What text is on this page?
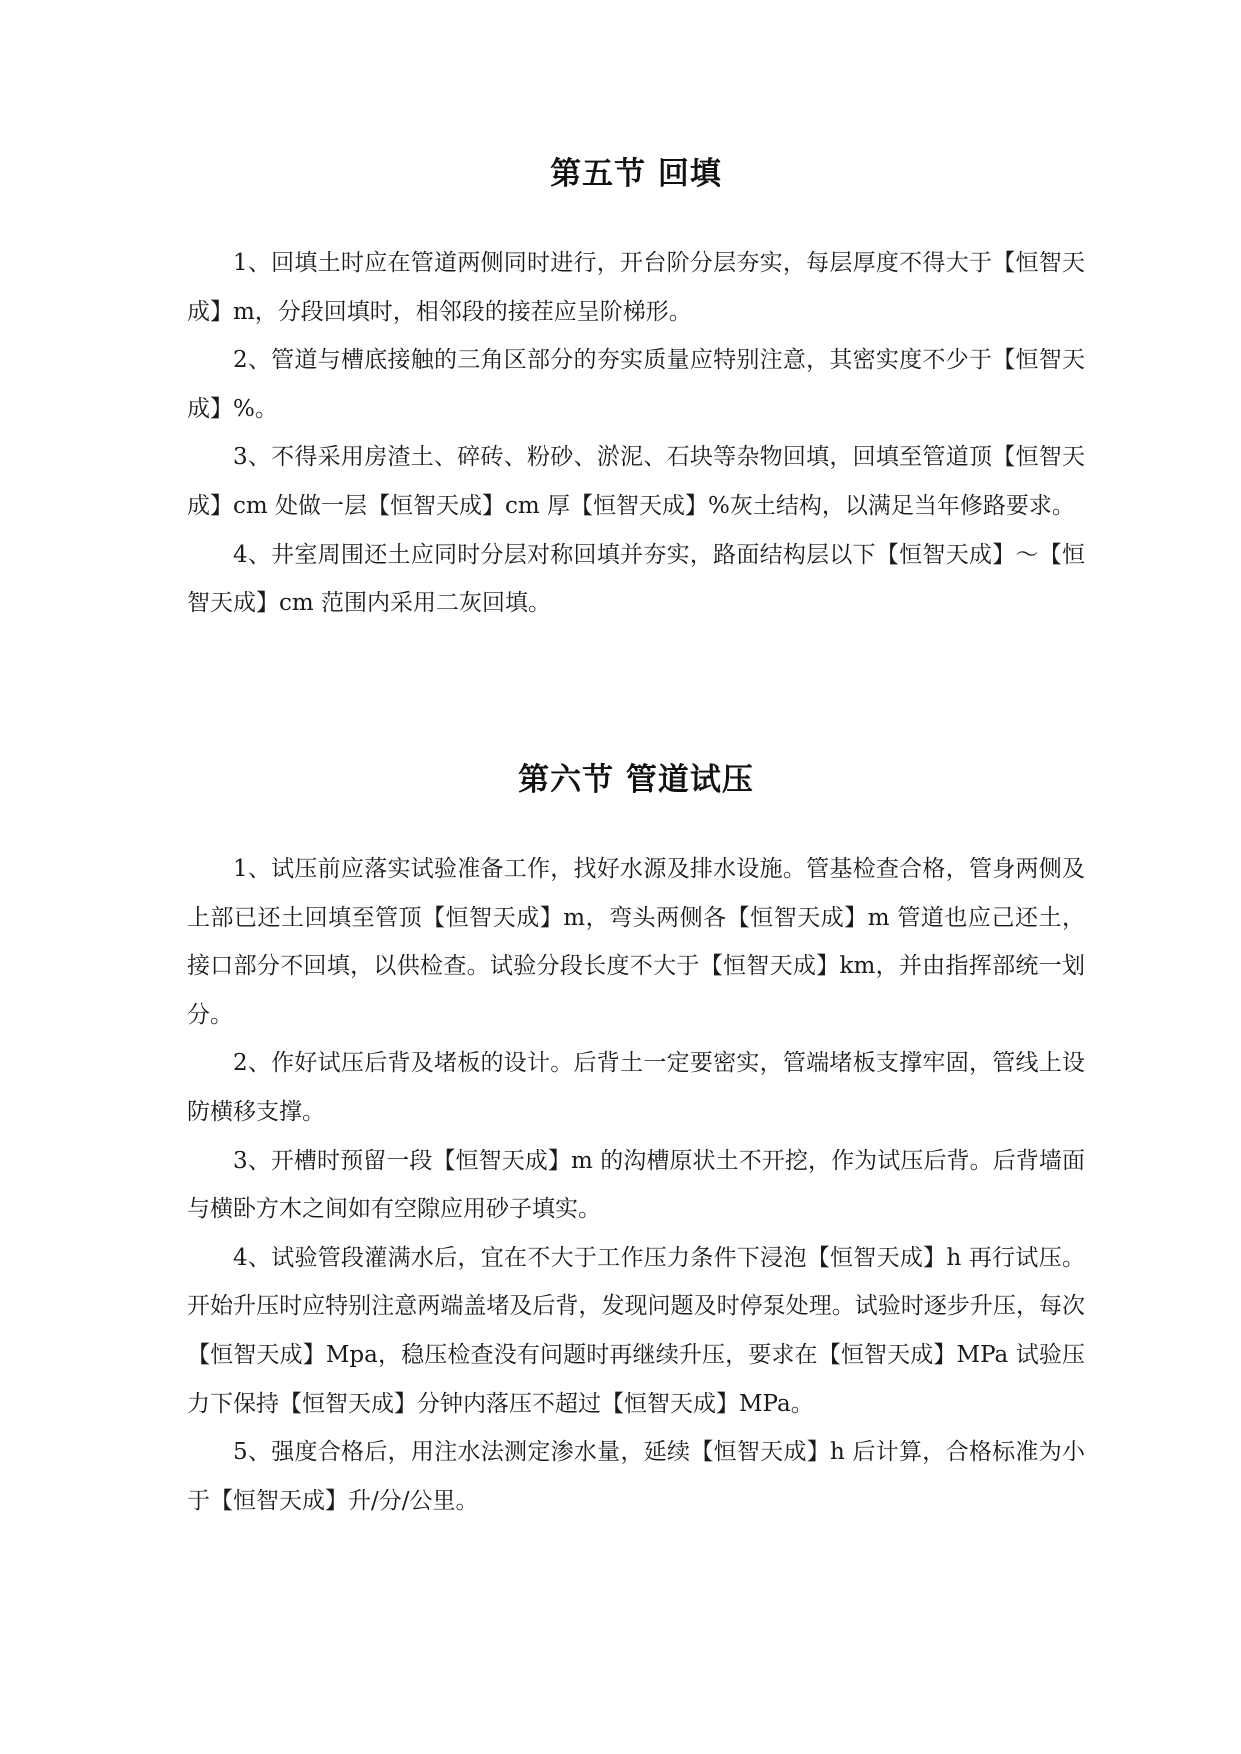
第五节 回填

1、回填土时应在管道两侧同时进行，开台阶分层夯实，每层厚度不得大于【恒智天成】m，分段回填时，相邻段的接茬应呈阶梯形。

2、管道与槽底接触的三角区部分的夯实质量应特别注意，其密实度不少于【恒智天成】%。

3、不得采用房渣土、碎砖、粉砂、淤泥、石块等杂物回填，回填至管道顶【恒智天成】cm 处做一层【恒智天成】cm 厚【恒智天成】%灰土结构，以满足当年修路要求。

4、井室周围还土应同时分层对称回填并夯实，路面结构层以下【恒智天成】～【恒智天成】cm 范围内采用二灰回填。

第六节 管道试压

1、试压前应落实试验准备工作，找好水源及排水设施。管基检查合格，管身两侧及上部已还土回填至管顶【恒智天成】m，弯头两侧各【恒智天成】m 管道也应己还土，接口部分不回填，以供检查。试验分段长度不大于【恒智天成】km，并由指挥部统一划分。

2、作好试压后背及堵板的设计。后背土一定要密实，管端堵板支撑牢固，管线上设防横移支撑。

3、开槽时预留一段【恒智天成】m 的沟槽原状土不开挖，作为试压后背。后背墙面与横卧方木之间如有空隙应用砂子填实。

4、试验管段灌满水后，宜在不大于工作压力条件下浸泡【恒智天成】h 再行试压。开始升压时应特别注意两端盖堵及后背，发现问题及时停泵处理。试验时逐步升压，每次【恒智天成】Mpa，稳压检查没有问题时再继续升压，要求在【恒智天成】MPa 试验压力下保持【恒智天成】分钟内落压不超过【恒智天成】MPa。

5、强度合格后，用注水法测定渗水量，延续【恒智天成】h 后计算，合格标准为小于【恒智天成】升/分/公里。
